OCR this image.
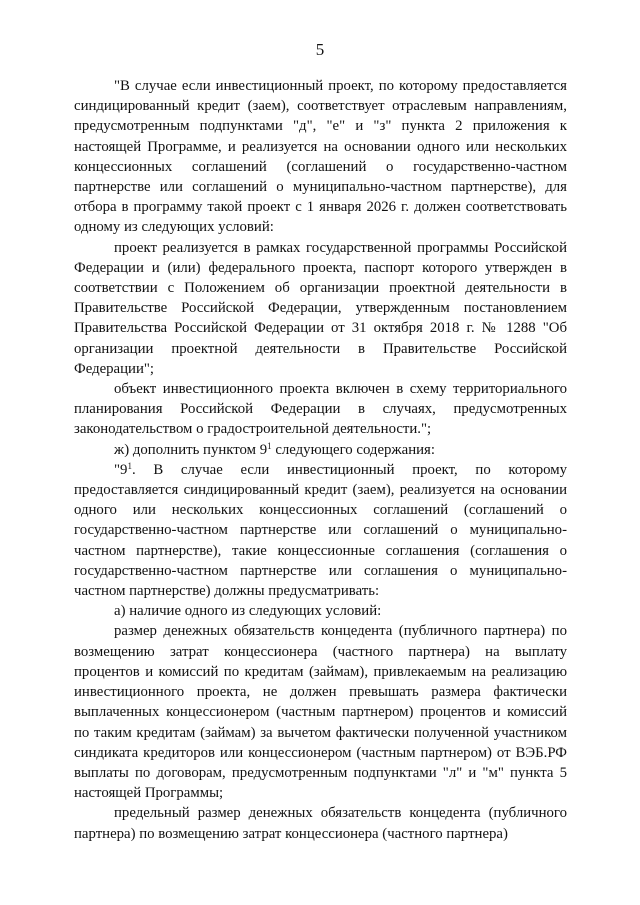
5

"В случае если инвестиционный проект, по которому предоставляется синдицированный кредит (заем), соответствует отраслевым направлениям, предусмотренным подпунктами "д", "е" и "з" пункта 2 приложения к настоящей Программе, и реализуется на основании одного или нескольких концессионных соглашений (соглашений о государственно-частном партнерстве или соглашений о муниципально-частном партнерстве), для отбора в программу такой проект с 1 января 2026 г. должен соответствовать одному из следующих условий:

проект реализуется в рамках государственной программы Российской Федерации и (или) федерального проекта, паспорт которого утвержден в соответствии с Положением об организации проектной деятельности в Правительстве Российской Федерации, утвержденным постановлением Правительства Российской Федерации от 31 октября 2018 г. № 1288 "Об организации проектной деятельности в Правительстве Российской Федерации";

объект инвестиционного проекта включен в схему территориального планирования Российской Федерации в случаях, предусмотренных законодательством о градостроительной деятельности.";

ж) дополнить пунктом $9^1$ следующего содержания:

"$9^1$. В случае если инвестиционный проект, по которому предоставляется синдицированный кредит (заем), реализуется на основании одного или нескольких концессионных соглашений (соглашений о государственно-частном партнерстве или соглашений о муниципально-частном партнерстве), такие концессионные соглашения (соглашения о государственно-частном партнерстве или соглашения о муниципально-частном партнерстве) должны предусматривать:

а) наличие одного из следующих условий:

размер денежных обязательств концедента (публичного партнера) по возмещению затрат концессионера (частного партнера) на выплату процентов и комиссий по кредитам (займам), привлекаемым на реализацию инвестиционного проекта, не должен превышать размера фактически выплаченных концессионером (частным партнером) процентов и комиссий по таким кредитам (займам) за вычетом фактически полученной участником синдиката кредиторов или концессионером (частным партнером) от ВЭБ.РФ выплаты по договорам, предусмотренным подпунктами "л" и "м" пункта 5 настоящей Программы;

предельный размер денежных обязательств концедента (публичного партнера) по возмещению затрат концессионера (частного партнера)
